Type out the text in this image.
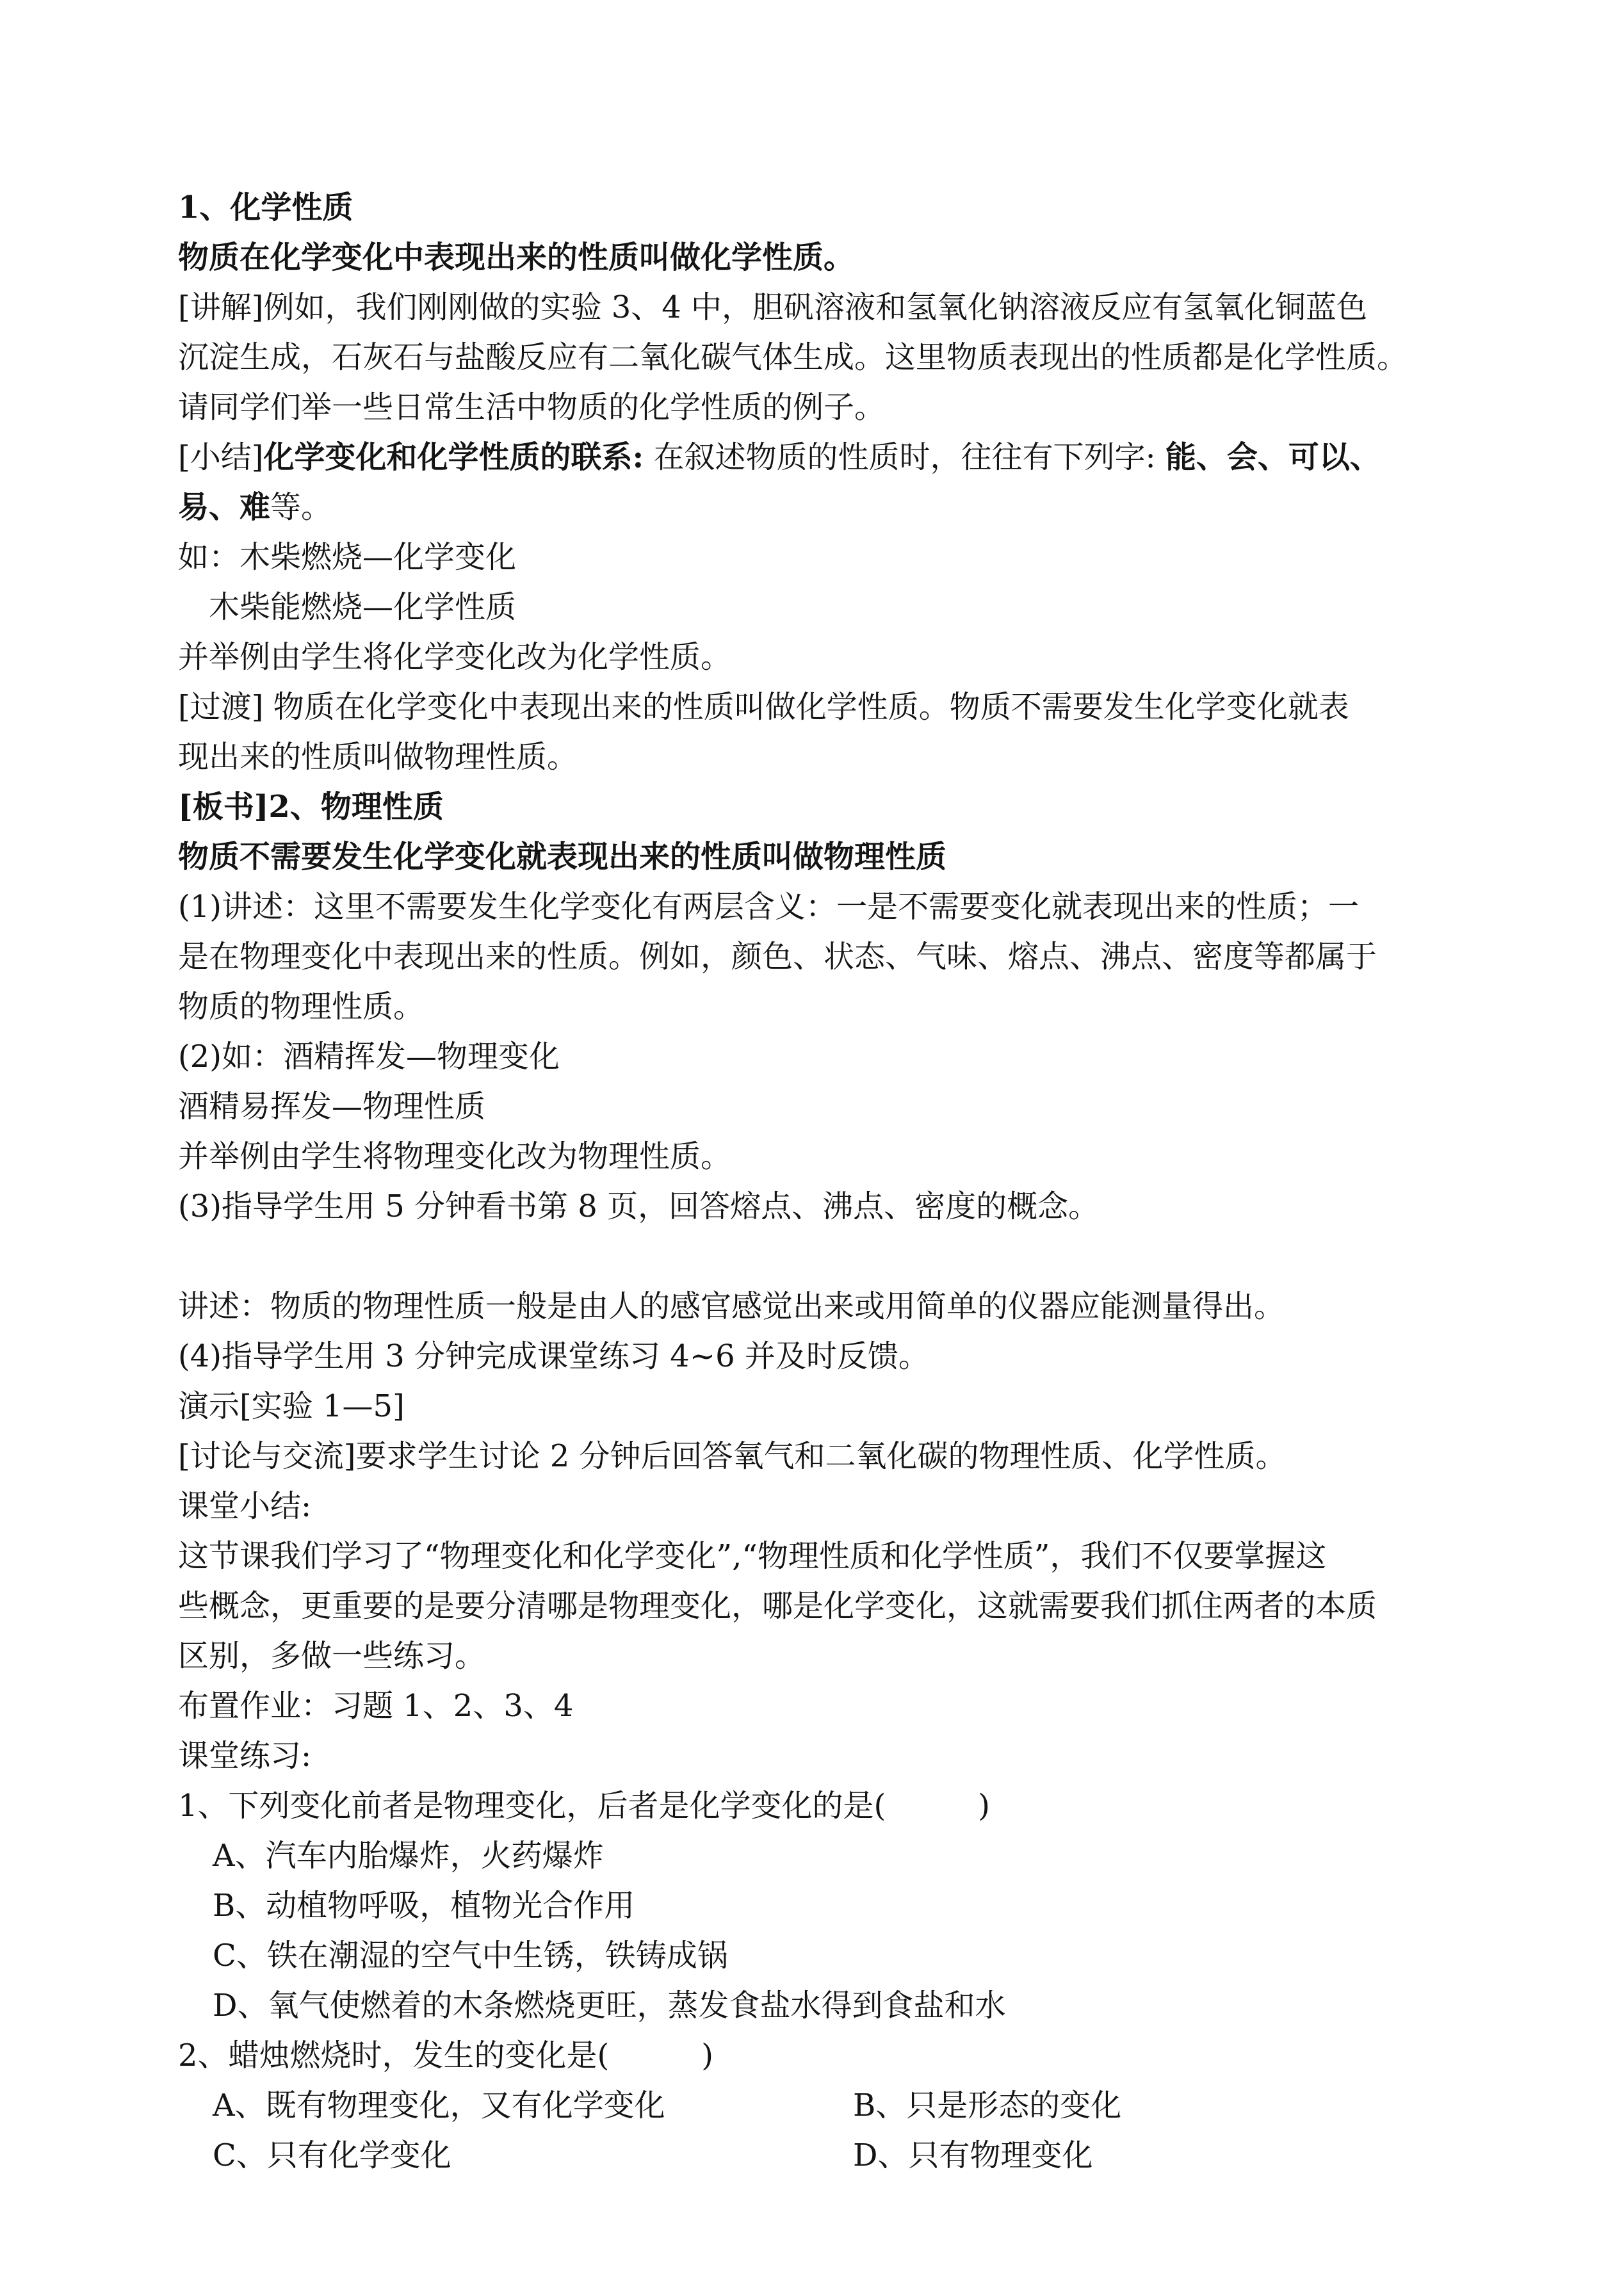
1、化学性质
物质在化学变化中表现出来的性质叫做化学性质。
[讲解]例如，我们刚刚做的实验 3、4 中，胆矾溶液和氢氧化钠溶液反应有氢氧化铜蓝色
沉淀生成，石灰石与盐酸反应有二氧化碳气体生成。这里物质表现出的性质都是化学性质。
请同学们举一些日常生活中物质的化学性质的例子。
[小结]化学变化和化学性质的联系: 在叙述物质的性质时，往往有下列字: 能、会、可以、
易、难等。
如：木柴燃烧—化学变化
木柴能燃烧—化学性质
并举例由学生将化学变化改为化学性质。
[过渡] 物质在化学变化中表现出来的性质叫做化学性质。物质不需要发生化学变化就表
现出来的性质叫做物理性质。
[板书]2、物理性质
物质不需要发生化学变化就表现出来的性质叫做物理性质
(1)讲述：这里不需要发生化学变化有两层含义：一是不需要变化就表现出来的性质；一
是在物理变化中表现出来的性质。例如，颜色、状态、气味、熔点、沸点、密度等都属于
物质的物理性质。
(2)如：酒精挥发—物理变化
酒精易挥发—物理性质
并举例由学生将物理变化改为物理性质。
(3)指导学生用 5 分钟看书第 8 页，回答熔点、沸点、密度的概念。
讲述：物质的物理性质一般是由人的感官感觉出来或用简单的仪器应能测量得出。
(4)指导学生用 3 分钟完成课堂练习 4~6 并及时反馈。
演示[实验 1—5]
[讨论与交流]要求学生讨论 2 分钟后回答氧气和二氧化碳的物理性质、化学性质。
课堂小结:
这节课我们学习了“物理变化和化学变化”,“物理性质和化学性质”，我们不仅要掌握这
些概念，更重要的是要分清哪是物理变化，哪是化学变化，这就需要我们抓住两者的本质
区别，多做一些练习。
布置作业：习题 1、2、3、4
课堂练习:
1、下列变化前者是物理变化，后者是化学变化的是(　　　)
A、汽车内胎爆炸，火药爆炸
B、动植物呼吸，植物光合作用
C、铁在潮湿的空气中生锈，铁铸成锅
D、氧气使燃着的木条燃烧更旺，蒸发食盐水得到食盐和水
2、蜡烛燃烧时，发生的变化是(　　　)
A、既有物理变化，又有化学变化	B、只是形态的变化
C、只有化学变化	D、只有物理变化
